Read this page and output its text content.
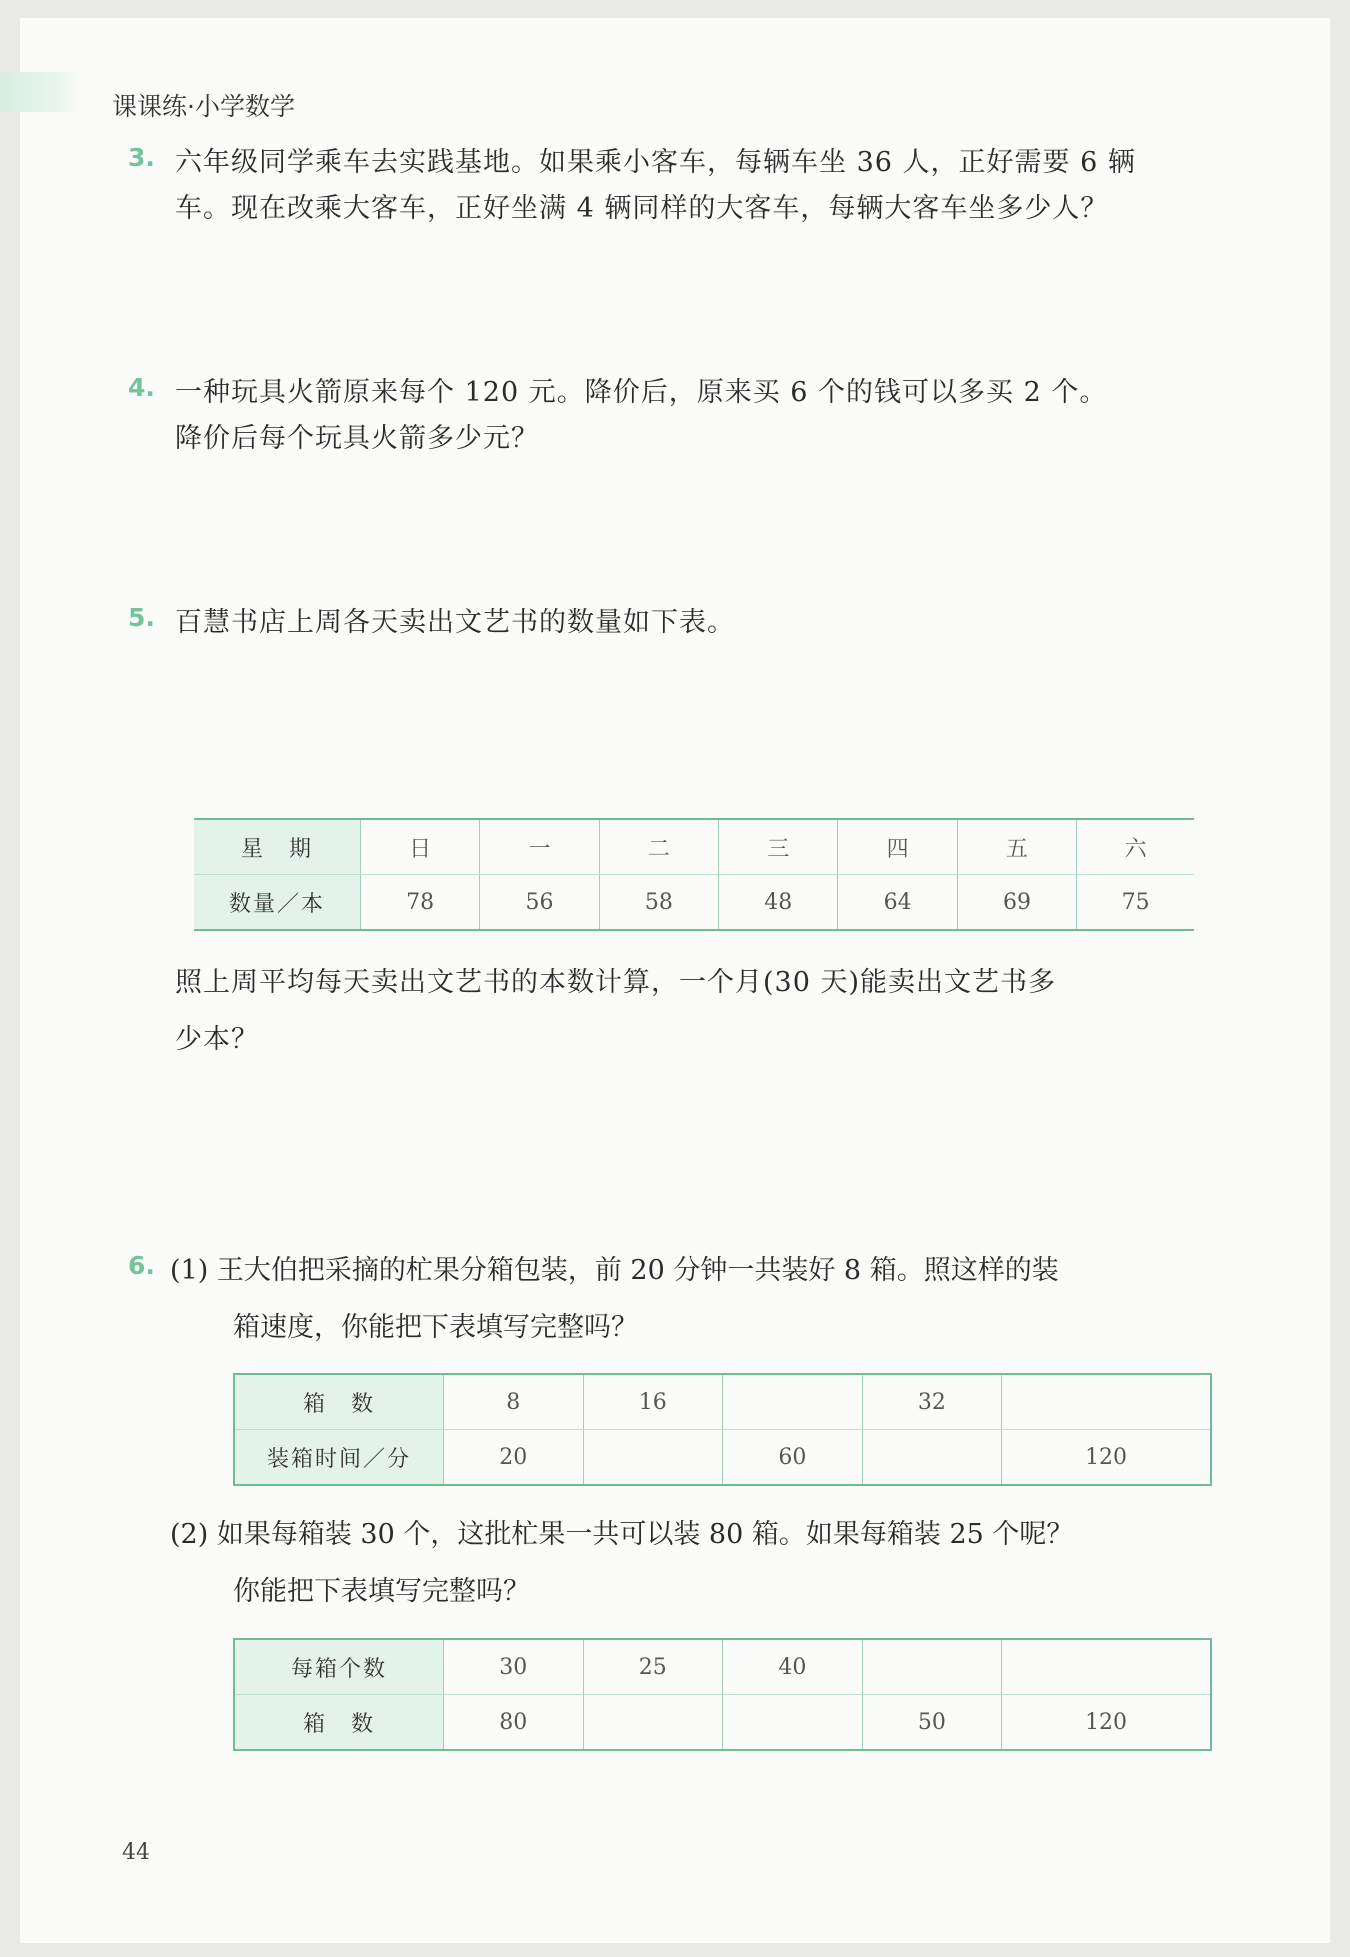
课课练·小学数学
3. 六年级同学乘车去实践基地。如果乘小客车，每辆车坐 36 人，正好需要 6 辆
车。现在改乘大客车，正好坐满 4 辆同样的大客车，每辆大客车坐多少人？
4. 一种玩具火箭原来每个 120 元。降价后，原来买 6 个的钱可以多买 2 个。
降价后每个玩具火箭多少元？
5. 百慧书店上周各天卖出文艺书的数量如下表。
星　期	日	一	二	三	四	五	六
数量／本	78	56	58	48	64	69	75
照上周平均每天卖出文艺书的本数计算，一个月(30 天)能卖出文艺书多
少本？
6. (1) 王大伯把采摘的杧果分箱包装，前 20 分钟一共装好 8 箱。照这样的装
箱速度，你能把下表填写完整吗？
箱　数	8	16		32	
装箱时间／分	20		60		120
(2) 如果每箱装 30 个，这批杧果一共可以装 80 箱。如果每箱装 25 个呢？
你能把下表填写完整吗？
每箱个数	30	25	40		
箱　数	80			50	120
44
